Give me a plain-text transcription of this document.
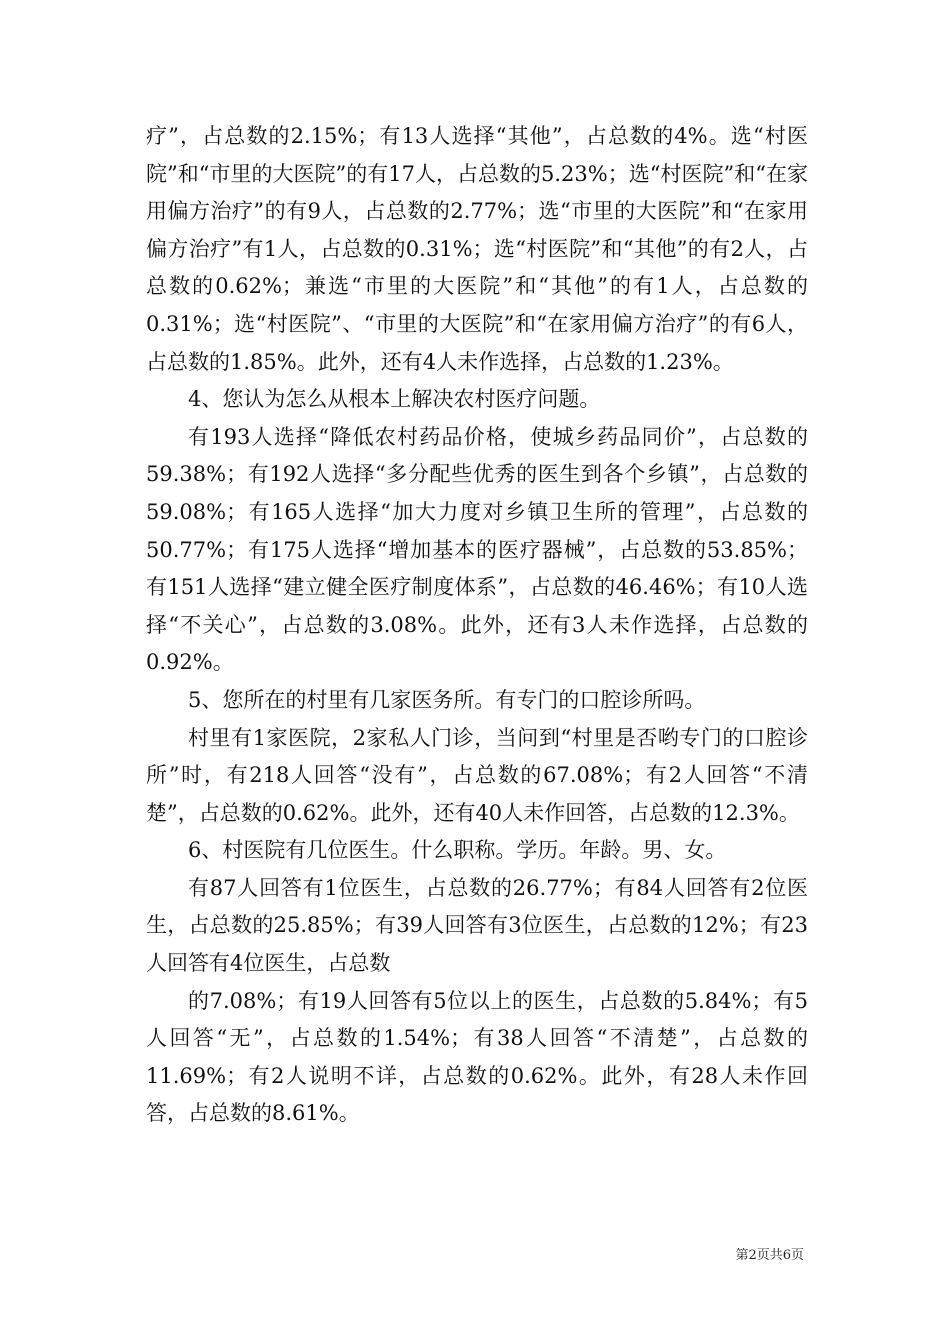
疗”，占总数的2.15%；有13人选择“其他”，占总数的4%。选“村医院”和“市里的大医院”的有17人，占总数的5.23%；选“村医院”和“在家用偏方治疗”的有9人，占总数的2.77%；选“市里的大医院”和“在家用偏方治疗”有1人，占总数的0.31%；选“村医院”和“其他”的有2人，占总数的0.62%；兼选“市里的大医院”和“其他”的有1人，占总数的0.31%；选“村医院”、“市里的大医院”和“在家用偏方治疗”的有6人，占总数的1.85%。此外，还有4人未作选择，占总数的1.23%。

4、您认为怎么从根本上解决农村医疗问题。

有193人选择“降低农村药品价格，使城乡药品同价”，占总数的59.38%；有192人选择“多分配些优秀的医生到各个乡镇”，占总数的59.08%；有165人选择“加大力度对乡镇卫生所的管理”，占总数的50.77%；有175人选择“增加基本的医疗器械”，占总数的53.85%；有151人选择“建立健全医疗制度体系”，占总数的46.46%；有10人选择“不关心”，占总数的3.08%。此外，还有3人未作选择，占总数的0.92%。

5、您所在的村里有几家医务所。有专门的口腔诊所吗。

村里有1家医院，2家私人门诊，当问到“村里是否哟专门的口腔诊所”时，有218人回答“没有”，占总数的67.08%；有2人回答“不清楚”，占总数的0.62%。此外，还有40人未作回答，占总数的12.3%。

6、村医院有几位医生。什么职称。学历。年龄。男、女。

有87人回答有1位医生，占总数的26.77%；有84人回答有2位医生，占总数的25.85%；有39人回答有3位医生，占总数的12%；有23人回答有4位医生，占总数

的7.08%；有19人回答有5位以上的医生，占总数的5.84%；有5人回答“无”，占总数的1.54%；有38人回答“不清楚”，占总数的11.69%；有2人说明不详，占总数的0.62%。此外，有28人未作回答，占总数的8.61%。

第2页共6页
